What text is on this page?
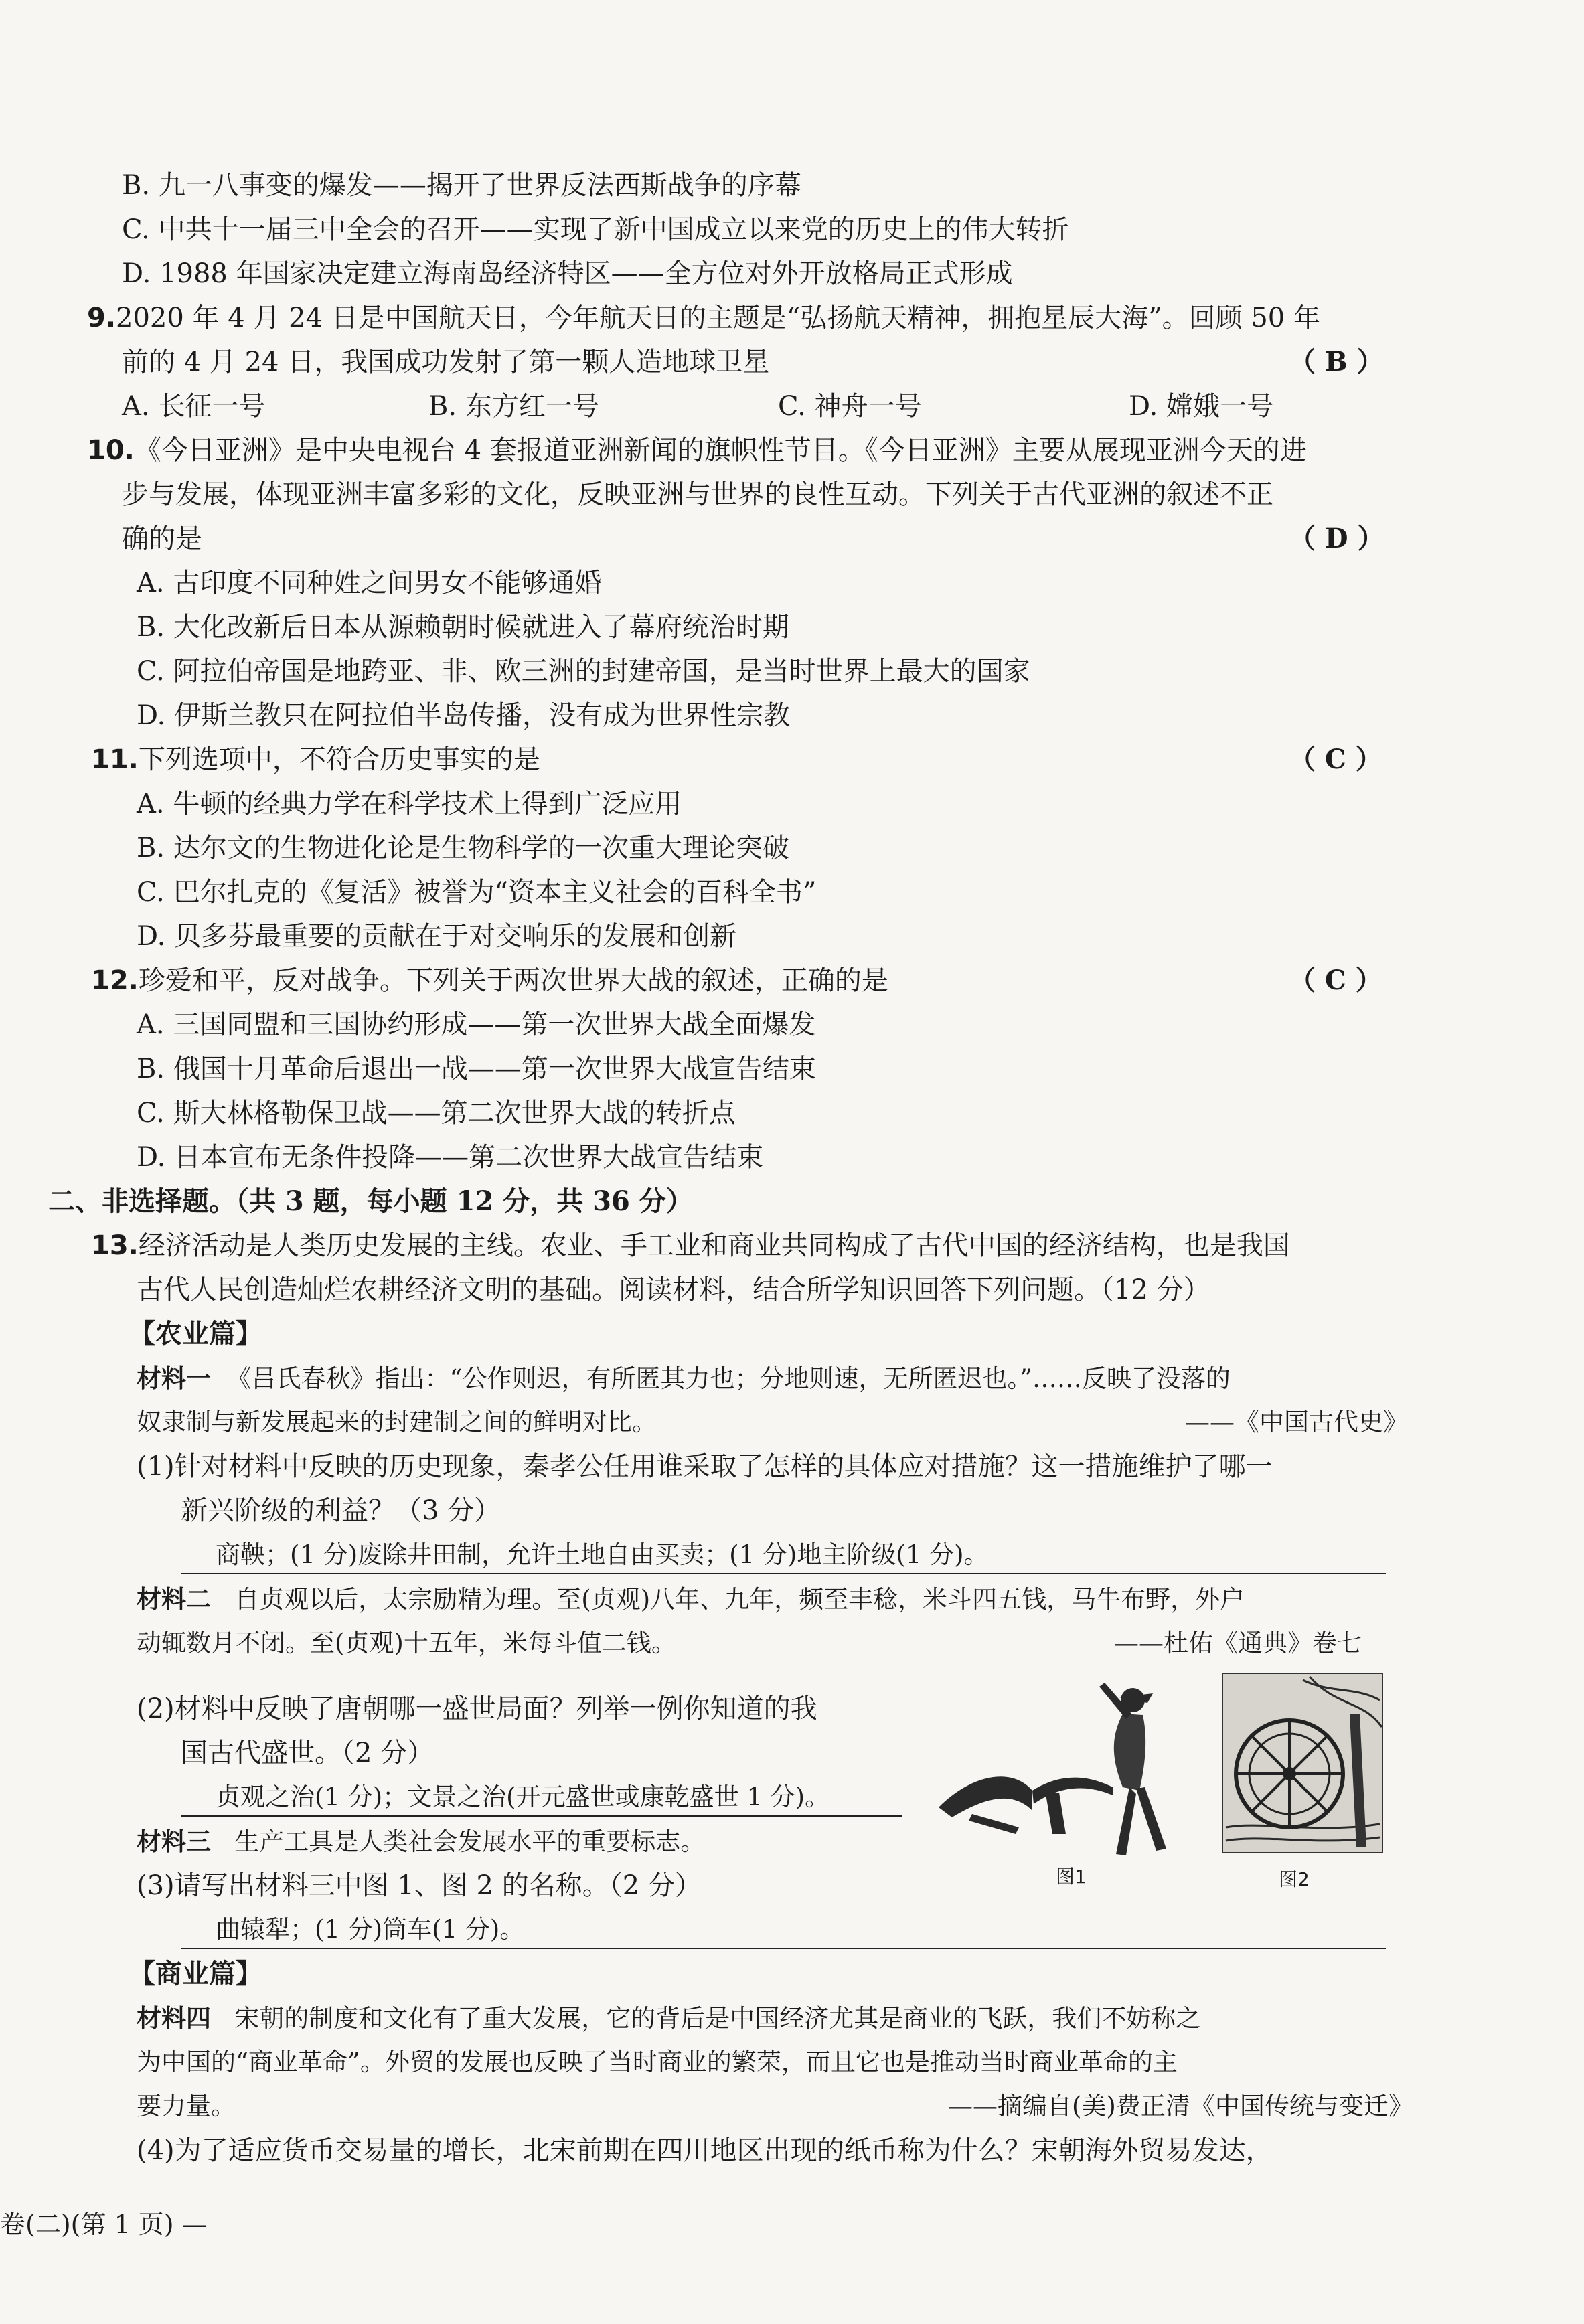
B. 九一八事变的爆发——揭开了世界反法西斯战争的序幕
C. 中共十一届三中全会的召开——实现了新中国成立以来党的历史上的伟大转折
D. 1988 年国家决定建立海南岛经济特区——全方位对外开放格局正式形成
9.2020 年 4 月 24 日是中国航天日，今年航天日的主题是“弘扬航天精神，拥抱星辰大海”。回顾 50 年
前的 4 月 24 日，我国成功发射了第一颗人造地球卫星	（ B ）
A. 长征一号	B. 东方红一号	C. 神舟一号	D. 嫦娥一号
10.《今日亚洲》是中央电视台 4 套报道亚洲新闻的旗帜性节目。《今日亚洲》主要从展现亚洲今天的进
步与发展，体现亚洲丰富多彩的文化，反映亚洲与世界的良性互动。下列关于古代亚洲的叙述不正
确的是	（ D ）
A. 古印度不同种姓之间男女不能够通婚
B. 大化改新后日本从源赖朝时候就进入了幕府统治时期
C. 阿拉伯帝国是地跨亚、非、欧三洲的封建帝国，是当时世界上最大的国家
D. 伊斯兰教只在阿拉伯半岛传播，没有成为世界性宗教
11.下列选项中，不符合历史事实的是	（ C ）
A. 牛顿的经典力学在科学技术上得到广泛应用
B. 达尔文的生物进化论是生物科学的一次重大理论突破
C. 巴尔扎克的《复活》被誉为“资本主义社会的百科全书”
D. 贝多芬最重要的贡献在于对交响乐的发展和创新
12.珍爱和平，反对战争。下列关于两次世界大战的叙述，正确的是	（ C ）
A. 三国同盟和三国协约形成——第一次世界大战全面爆发
B. 俄国十月革命后退出一战——第一次世界大战宣告结束
C. 斯大林格勒保卫战——第二次世界大战的转折点
D. 日本宣布无条件投降——第二次世界大战宣告结束
二、非选择题。（共 3 题，每小题 12 分，共 36 分）
13.经济活动是人类历史发展的主线。农业、手工业和商业共同构成了古代中国的经济结构，也是我国
古代人民创造灿烂农耕经济文明的基础。阅读材料，结合所学知识回答下列问题。（12 分）
【农业篇】
材料一 《吕氏春秋》指出：“公作则迟，有所匿其力也；分地则速，无所匿迟也。”……反映了没落的
奴隶制与新发展起来的封建制之间的鲜明对比。	——《中国古代史》
(1)针对材料中反映的历史现象，秦孝公任用谁采取了怎样的具体应对措施？这一措施维护了哪一
新兴阶级的利益？（3 分）
商鞅；(1 分)废除井田制，允许土地自由买卖；(1 分)地主阶级(1 分)。
材料二 自贞观以后，太宗励精为理。至(贞观)八年、九年，频至丰稔，米斗四五钱，马牛布野，外户
动辄数月不闭。至(贞观)十五年，米每斗值二钱。	——杜佑《通典》卷七
(2)材料中反映了唐朝哪一盛世局面？列举一例你知道的我
国古代盛世。（2 分）
贞观之治(1 分)；文景之治(开元盛世或康乾盛世 1 分)。
材料三 生产工具是人类社会发展水平的重要标志。
(3)请写出材料三中图 1、图 2 的名称。（2 分）
曲辕犁；(1 分)筒车(1 分)。
图1	图2
【商业篇】
材料四 宋朝的制度和文化有了重大发展，它的背后是中国经济尤其是商业的飞跃，我们不妨称之
为中国的“商业革命”。外贸的发展也反映了当时商业的繁荣，而且它也是推动当时商业革命的主
要力量。	——摘编自(美)费正清《中国传统与变迁》
(4)为了适应货币交易量的增长，北宋前期在四川地区出现的纸币称为什么？宋朝海外贸易发达，
卷(二)(第 1 页) —
